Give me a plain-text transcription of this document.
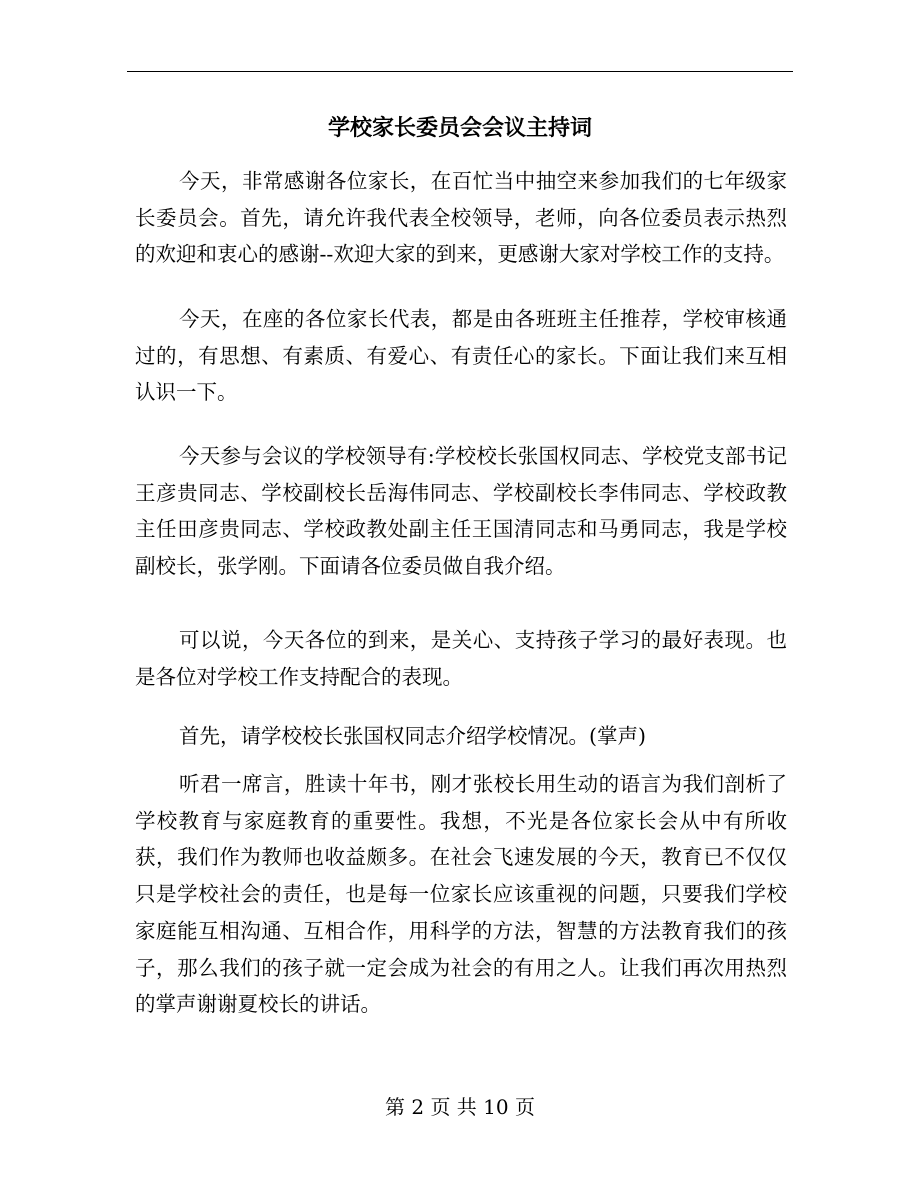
学校家长委员会会议主持词

今天，非常感谢各位家长，在百忙当中抽空来参加我们的七年级家长委员会。首先，请允许我代表全校领导，老师，向各位委员表示热烈的欢迎和衷心的感谢--欢迎大家的到来，更感谢大家对学校工作的支持。

今天，在座的各位家长代表，都是由各班班主任推荐，学校审核通过的，有思想、有素质、有爱心、有责任心的家长。下面让我们来互相认识一下。

今天参与会议的学校领导有:学校校长张国权同志、学校党支部书记王彦贵同志、学校副校长岳海伟同志、学校副校长李伟同志、学校政教主任田彦贵同志、学校政教处副主任王国清同志和马勇同志，我是学校副校长，张学刚。下面请各位委员做自我介绍。

可以说，今天各位的到来，是关心、支持孩子学习的最好表现。也是各位对学校工作支持配合的表现。

首先，请学校校长张国权同志介绍学校情况。(掌声)

听君一席言，胜读十年书，刚才张校长用生动的语言为我们剖析了学校教育与家庭教育的重要性。我想，不光是各位家长会从中有所收获，我们作为教师也收益颇多。在社会飞速发展的今天，教育已不仅仅只是学校社会的责任，也是每一位家长应该重视的问题，只要我们学校家庭能互相沟通、互相合作，用科学的方法，智慧的方法教育我们的孩子，那么我们的孩子就一定会成为社会的有用之人。让我们再次用热烈的掌声谢谢夏校长的讲话。

第 2 页 共 10 页
